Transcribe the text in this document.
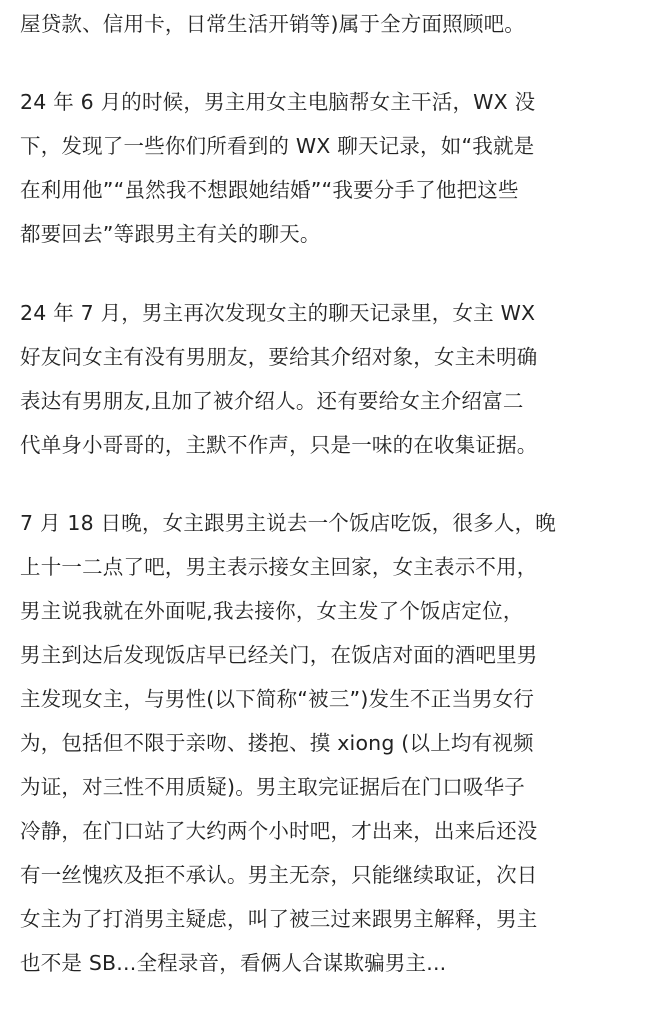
屋贷款、信用卡，日常生活开销等)属于全方面照顾吧。
24 年 6 月的时候，男主用女主电脑帮女主干活，WX 没
下，发现了一些你们所看到的 WX 聊天记录，如“我就是
在利用他”“虽然我不想跟她结婚”“我要分手了他把这些
都要回去”等跟男主有关的聊天。
24 年 7 月，男主再次发现女主的聊天记录里，女主 WX
好友问女主有没有男朋友，要给其介绍对象，女主未明确
表达有男朋友,且加了被介绍人。还有要给女主介绍富二
代单身小哥哥的，主默不作声，只是一味的在收集证据。
7 月 18 日晚，女主跟男主说去一个饭店吃饭，很多人，晚
上十一二点了吧，男主表示接女主回家，女主表示不用，
男主说我就在外面呢,我去接你，女主发了个饭店定位，
男主到达后发现饭店早已经关门，在饭店对面的酒吧里男
主发现女主，与男性(以下简称“被三”)发生不正当男女行
为，包括但不限于亲吻、搂抱、摸 xiong (以上均有视频
为证，对三性不用质疑)。男主取完证据后在门口吸华子
冷静，在门口站了大约两个小时吧，才出来，出来后还没
有一丝愧疚及拒不承认。男主无奈，只能继续取证，次日
女主为了打消男主疑虑，叫了被三过来跟男主解释，男主
也不是 SB...全程录音，看俩人合谋欺骗男主...
